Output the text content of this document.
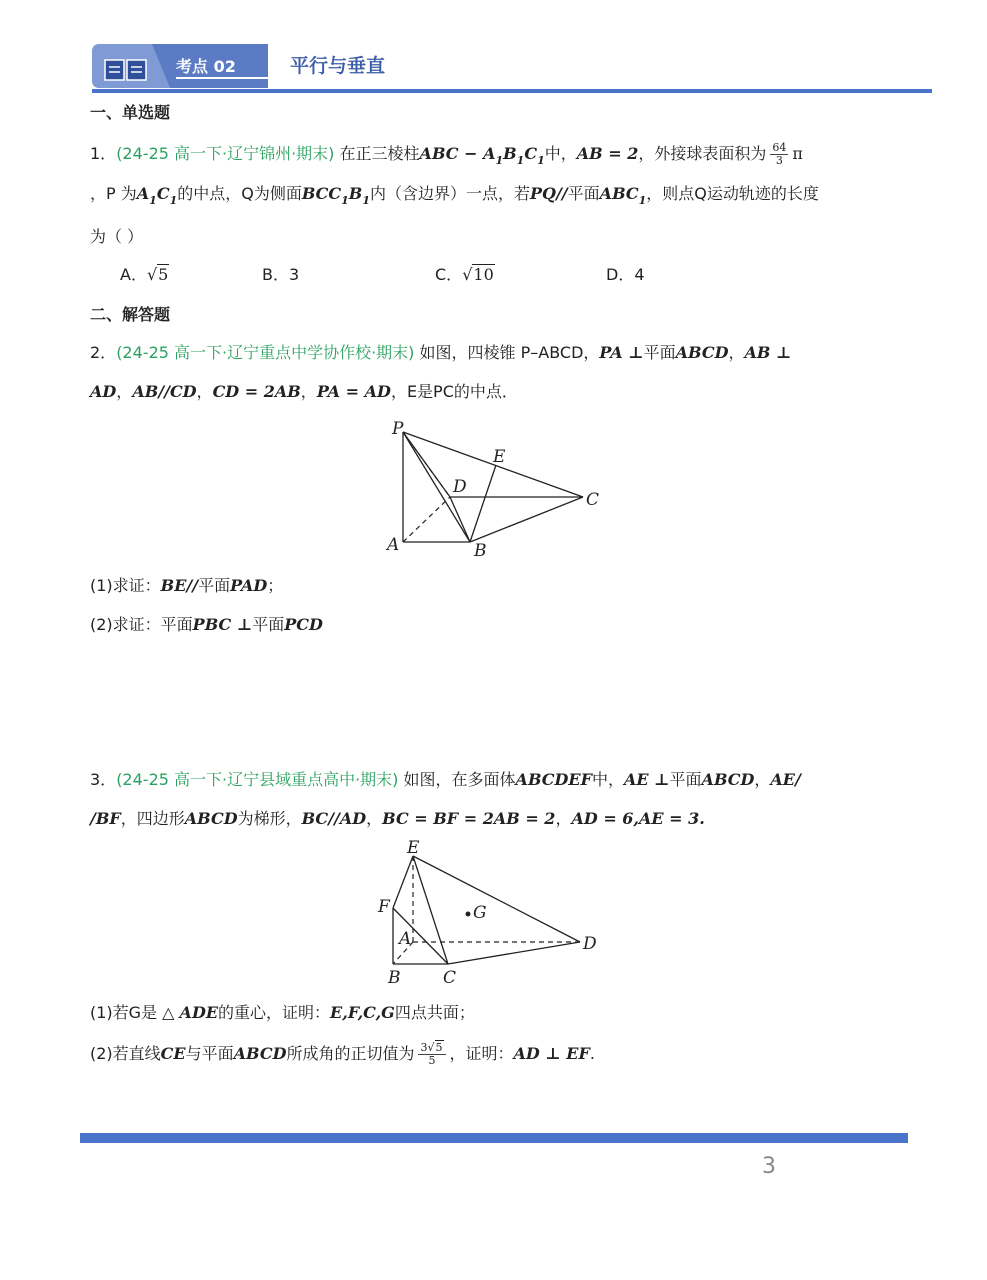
考点 02	平行与垂直
一、单选题
1．(24-25 高一下·辽宁锦州·期末) 在正三棱柱ABC − $A_1B_1C_1$中，AB = 2，外接球表面积为 $\frac{64}{3}$ π
，P 为$A_1C_1$的中点，Q为侧面$BCC_1B_1$内（含边界）一点，若PQ//平面$ABC_1$，则点Q运动轨迹的长度
为（ ）
A．√5	B．3	C．√10	D．4
二、解答题
2．(24-25 高一下·辽宁重点中学协作校·期末) 如图，四棱锥 P–ABCD，PA ⊥平面ABCD，AB ⊥
AD，AB//CD，CD = 2AB，PA = AD，E是PC的中点．
P
E
D
C
A	B
(1)求证：BE//平面PAD；
(2)求证：平面PBC ⊥平面PCD
3．(24-25 高一下·辽宁县域重点高中·期末) 如图，在多面体ABCDEF中，AE ⊥平面ABCD，AE/
/BF，四边形ABCD为梯形，BC//AD，BC = BF = 2AB = 2，AD = 6,AE = 3.
E
F	G
A	D
B	C
(1)若G是 △ ADE的重心，证明：E,F,C,G四点共面；
(2)若直线CE与平面ABCD所成角的正切值为 $\frac{3√5}{5}$ ，证明：AD ⊥ EF.
3
